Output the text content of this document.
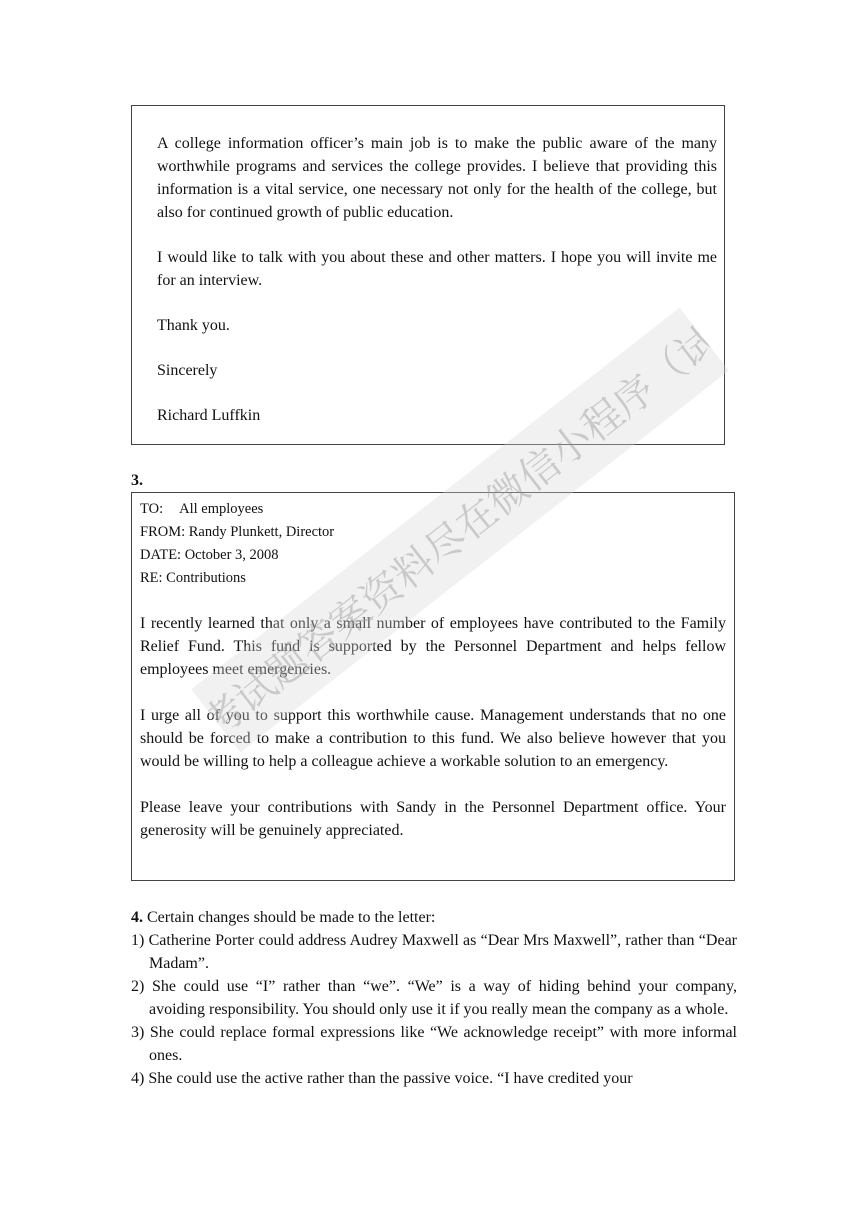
A college information officer’s main job is to make the public aware of the many worthwhile programs and services the college provides. I believe that providing this information is a vital service, one necessary not only for the health of the college, but also for continued growth of public education.

I would like to talk with you about these and other matters. I hope you will invite me for an interview.

Thank you.

Sincerely

Richard Luffkin

3.
TO: All employees
FROM: Randy Plunkett, Director
DATE: October 3, 2008
RE: Contributions

I recently learned that only a small number of employees have contributed to the Family Relief Fund. This fund is supported by the Personnel Department and helps fellow employees meet emergencies.

I urge all of you to support this worthwhile cause. Management understands that no one should be forced to make a contribution to this fund. We also believe however that you would be willing to help a colleague achieve a workable solution to an emergency.

Please leave your contributions with Sandy in the Personnel Department office. Your generosity will be genuinely appreciated.

4. Certain changes should be made to the letter:
1) Catherine Porter could address Audrey Maxwell as “Dear Mrs Maxwell”, rather than “Dear Madam”.
2) She could use “I” rather than “we”. “We” is a way of hiding behind your company, avoiding responsibility. You should only use it if you really mean the company as a whole.
3) She could replace formal expressions like “We acknowledge receipt” with more informal ones.
4) She could use the active rather than the passive voice. “I have credited your
更多期末考试题答案资料尽在微信小程序（试题大全）
